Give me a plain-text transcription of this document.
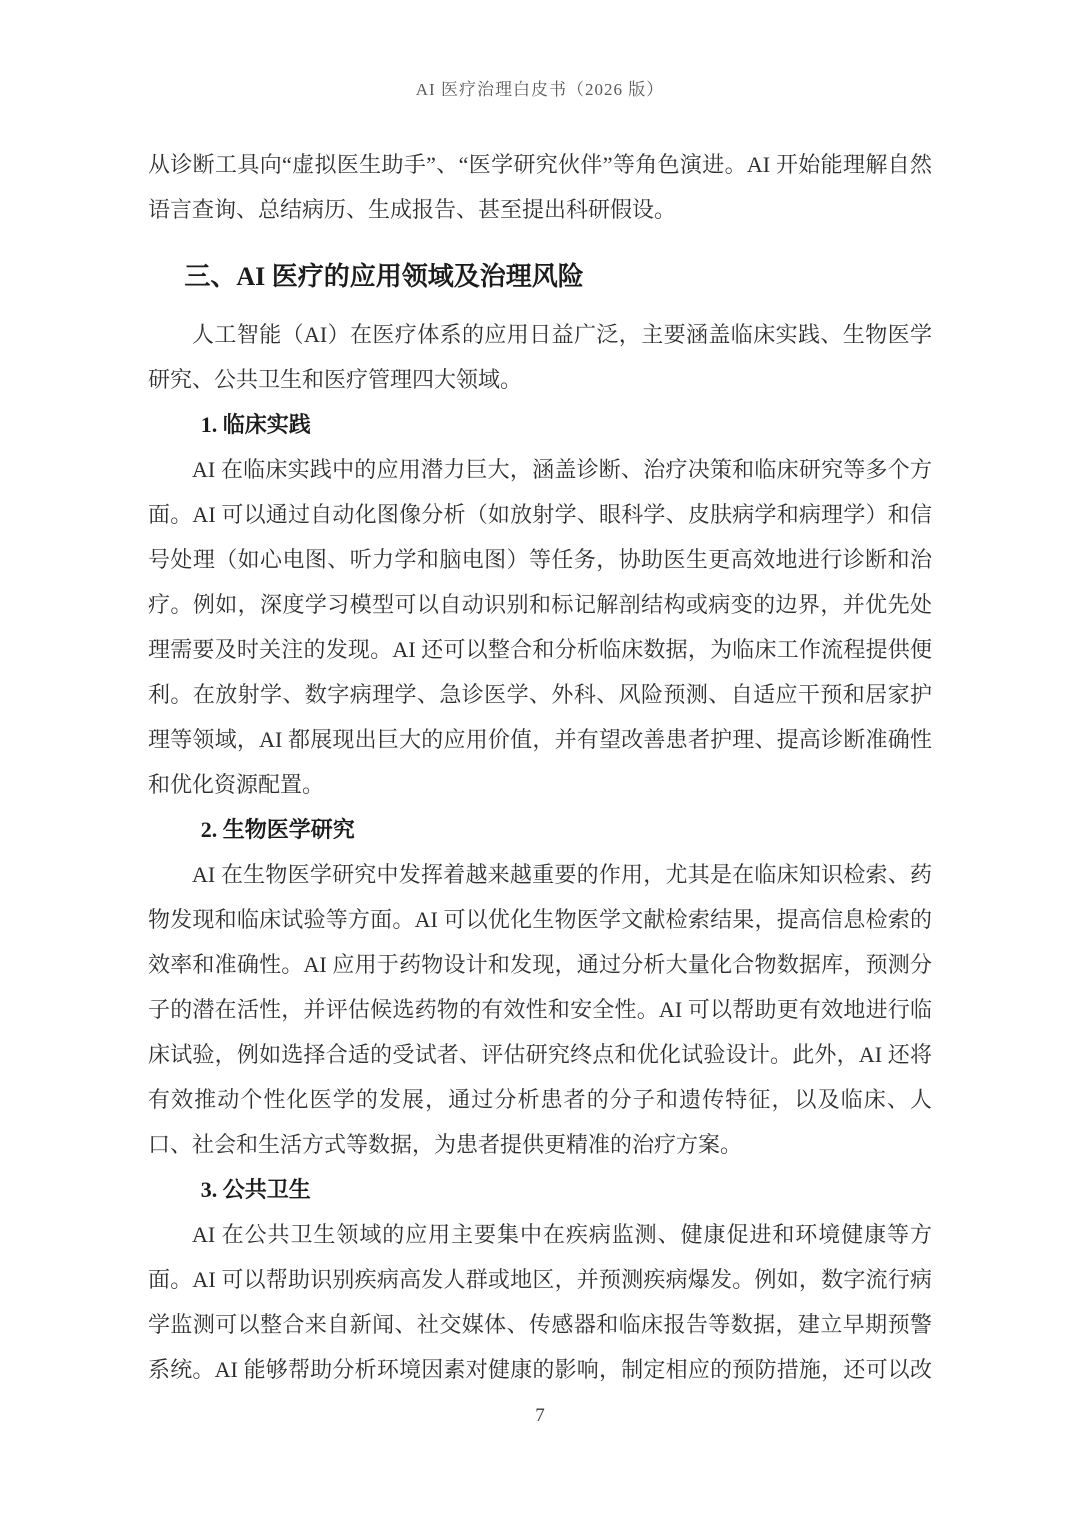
AI 医疗治理白皮书（2026 版）

从诊断工具向“虚拟医生助手”、“医学研究伙伴”等角色演进。AI 开始能理解自然语言查询、总结病历、生成报告、甚至提出科研假设。

三、AI 医疗的应用领域及治理风险

人工智能（AI）在医疗体系的应用日益广泛，主要涵盖临床实践、生物医学研究、公共卫生和医疗管理四大领域。

1. 临床实践

AI 在临床实践中的应用潜力巨大，涵盖诊断、治疗决策和临床研究等多个方面。AI 可以通过自动化图像分析（如放射学、眼科学、皮肤病学和病理学）和信号处理（如心电图、听力学和脑电图）等任务，协助医生更高效地进行诊断和治疗。例如，深度学习模型可以自动识别和标记解剖结构或病变的边界，并优先处理需要及时关注的发现。AI 还可以整合和分析临床数据，为临床工作流程提供便利。在放射学、数字病理学、急诊医学、外科、风险预测、自适应干预和居家护理等领域，AI 都展现出巨大的应用价值，并有望改善患者护理、提高诊断准确性和优化资源配置。

2. 生物医学研究

AI 在生物医学研究中发挥着越来越重要的作用，尤其是在临床知识检索、药物发现和临床试验等方面。AI 可以优化生物医学文献检索结果，提高信息检索的效率和准确性。AI 应用于药物设计和发现，通过分析大量化合物数据库，预测分子的潜在活性，并评估候选药物的有效性和安全性。AI 可以帮助更有效地进行临床试验，例如选择合适的受试者、评估研究终点和优化试验设计。此外，AI 还将有效推动个性化医学的发展，通过分析患者的分子和遗传特征，以及临床、人口、社会和生活方式等数据，为患者提供更精准的治疗方案。

3. 公共卫生

AI 在公共卫生领域的应用主要集中在疾病监测、健康促进和环境健康等方面。AI 可以帮助识别疾病高发人群或地区，并预测疾病爆发。例如，数字流行病学监测可以整合来自新闻、社交媒体、传感器和临床报告等数据，建立早期预警系统。AI 能够帮助分析环境因素对健康的影响，制定相应的预防措施，还可以改

7
